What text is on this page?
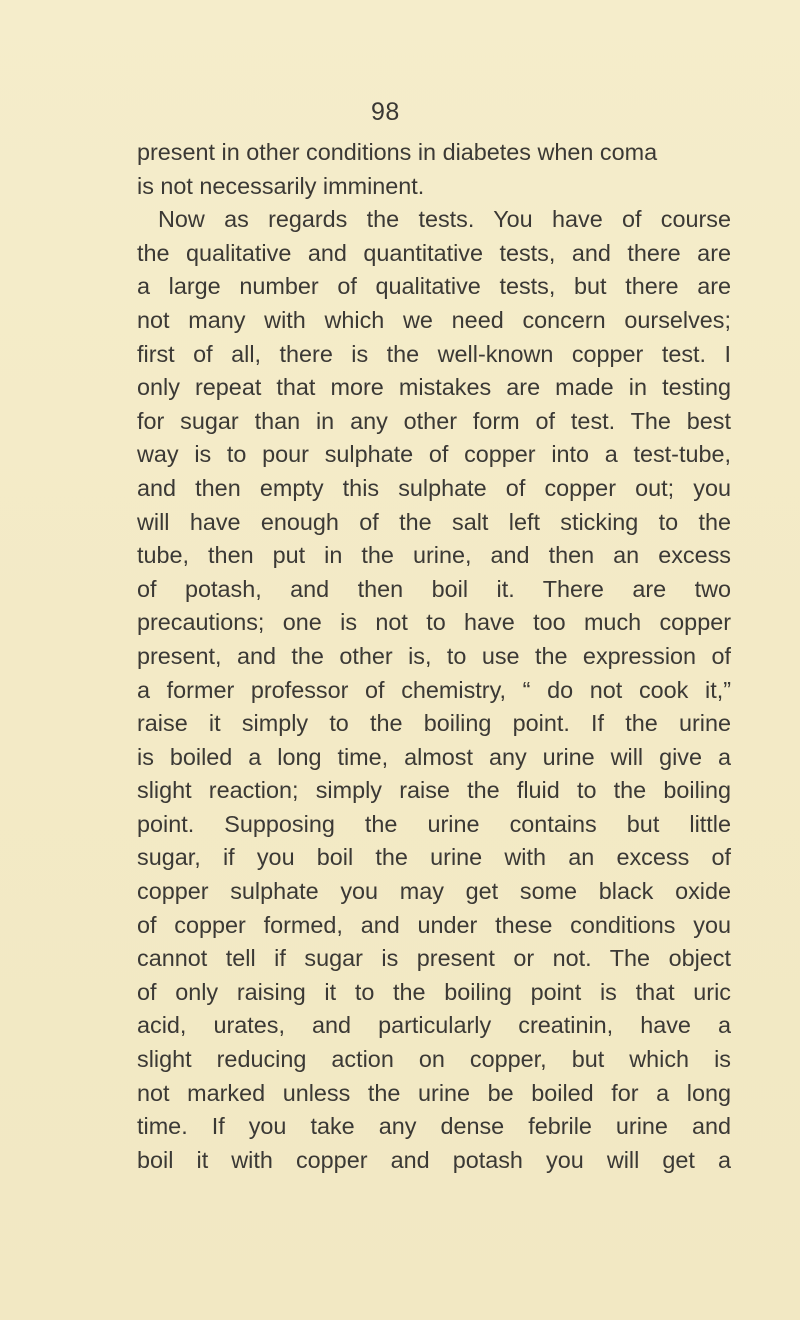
98
present in other conditions in diabetes when coma
is not necessarily imminent.
Now as regards the tests. You have of course
the qualitative and quantitative tests, and there are
a large number of qualitative tests, but there are
not many with which we need concern ourselves;
first of all, there is the well-known copper test. I
only repeat that more mistakes are made in testing
for sugar than in any other form of test. The best
way is to pour sulphate of copper into a test-tube,
and then empty this sulphate of copper out; you
will have enough of the salt left sticking to the
tube, then put in the urine, and then an excess
of potash, and then boil it. There are two
precautions; one is not to have too much copper
present, and the other is, to use the expression of
a former professor of chemistry, “ do not cook it,”
raise it simply to the boiling point. If the urine
is boiled a long time, almost any urine will give a
slight reaction; simply raise the fluid to the boiling
point. Supposing the urine contains but little
sugar, if you boil the urine with an excess of
copper sulphate you may get some black oxide
of copper formed, and under these conditions you
cannot tell if sugar is present or not. The object
of only raising it to the boiling point is that uric
acid, urates, and particularly creatinin, have a
slight reducing action on copper, but which is
not marked unless the urine be boiled for a long
time. If you take any dense febrile urine and
boil it with copper and potash you will get a
